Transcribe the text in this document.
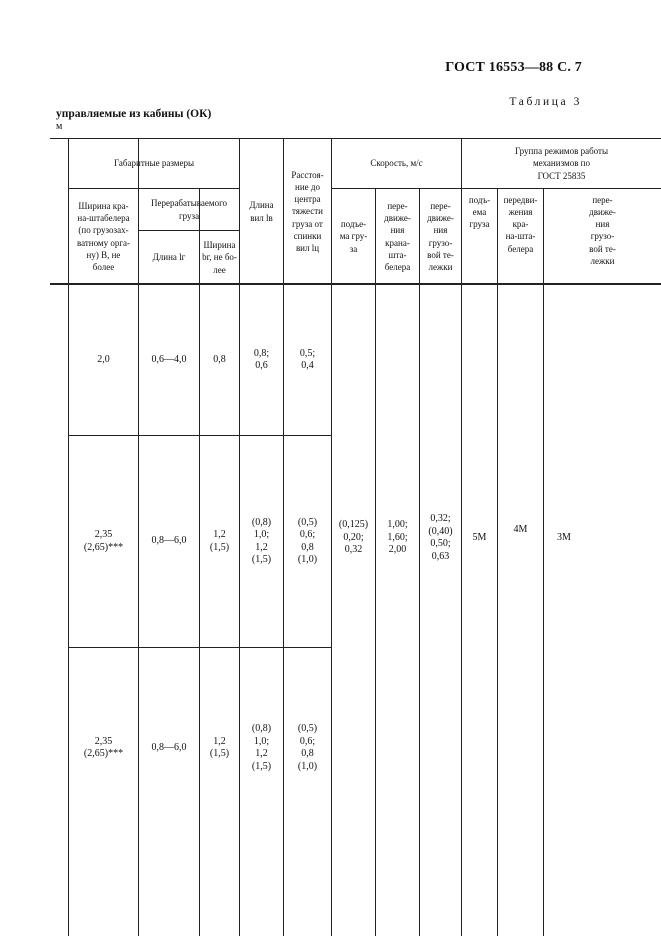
ГОСТ 16553—88 С. 7
Таблица 3
управляемые из кабины (ОК)
м
Габаритные размеры
Ширина кра-
на-штабелера
(по грузозах-
ватному орга-
ну) B, не
более
Перерабатываемого
груза
Длина lг
Ширина
bг, не бо-
лее
Длина
вил lв
Расстоя-
ние до
центра
тяжести
груза от
спинки
вил lц
Скорость, м/с
подъе-
ма гру-
за
пере-
движе-
ния
крана-
шта-
белера
пере-
движе-
ния
грузо-
вой те-
лежки
Группа режимов работы
механизмов по
ГОСТ 25835
подъ-
ема
груза
передви-
жения
кра-
на-шта-
белера
пере-
движе-
ния
грузо-
вой те-
лежки
2,0	0,6—4,0	0,8
0,8;
0,6
0,5;
0,4
2,35
(2,65)***
0,8—6,0
1,2
(1,5)
(0,8)
1,0;
1,2
(1,5)
(0,5)
0,6;
0,8
(1,0)
2,35
(2,65)***
0,8—6,0
1,2
(1,5)
(0,8)
1,0;
1,2
(1,5)
(0,5)
0,6;
0,8
(1,0)
(0,125)
0,20;
0,32
1,00;
1,60;
2,00
0,32;
(0,40)
0,50;
0,63
5М
4М
3М
